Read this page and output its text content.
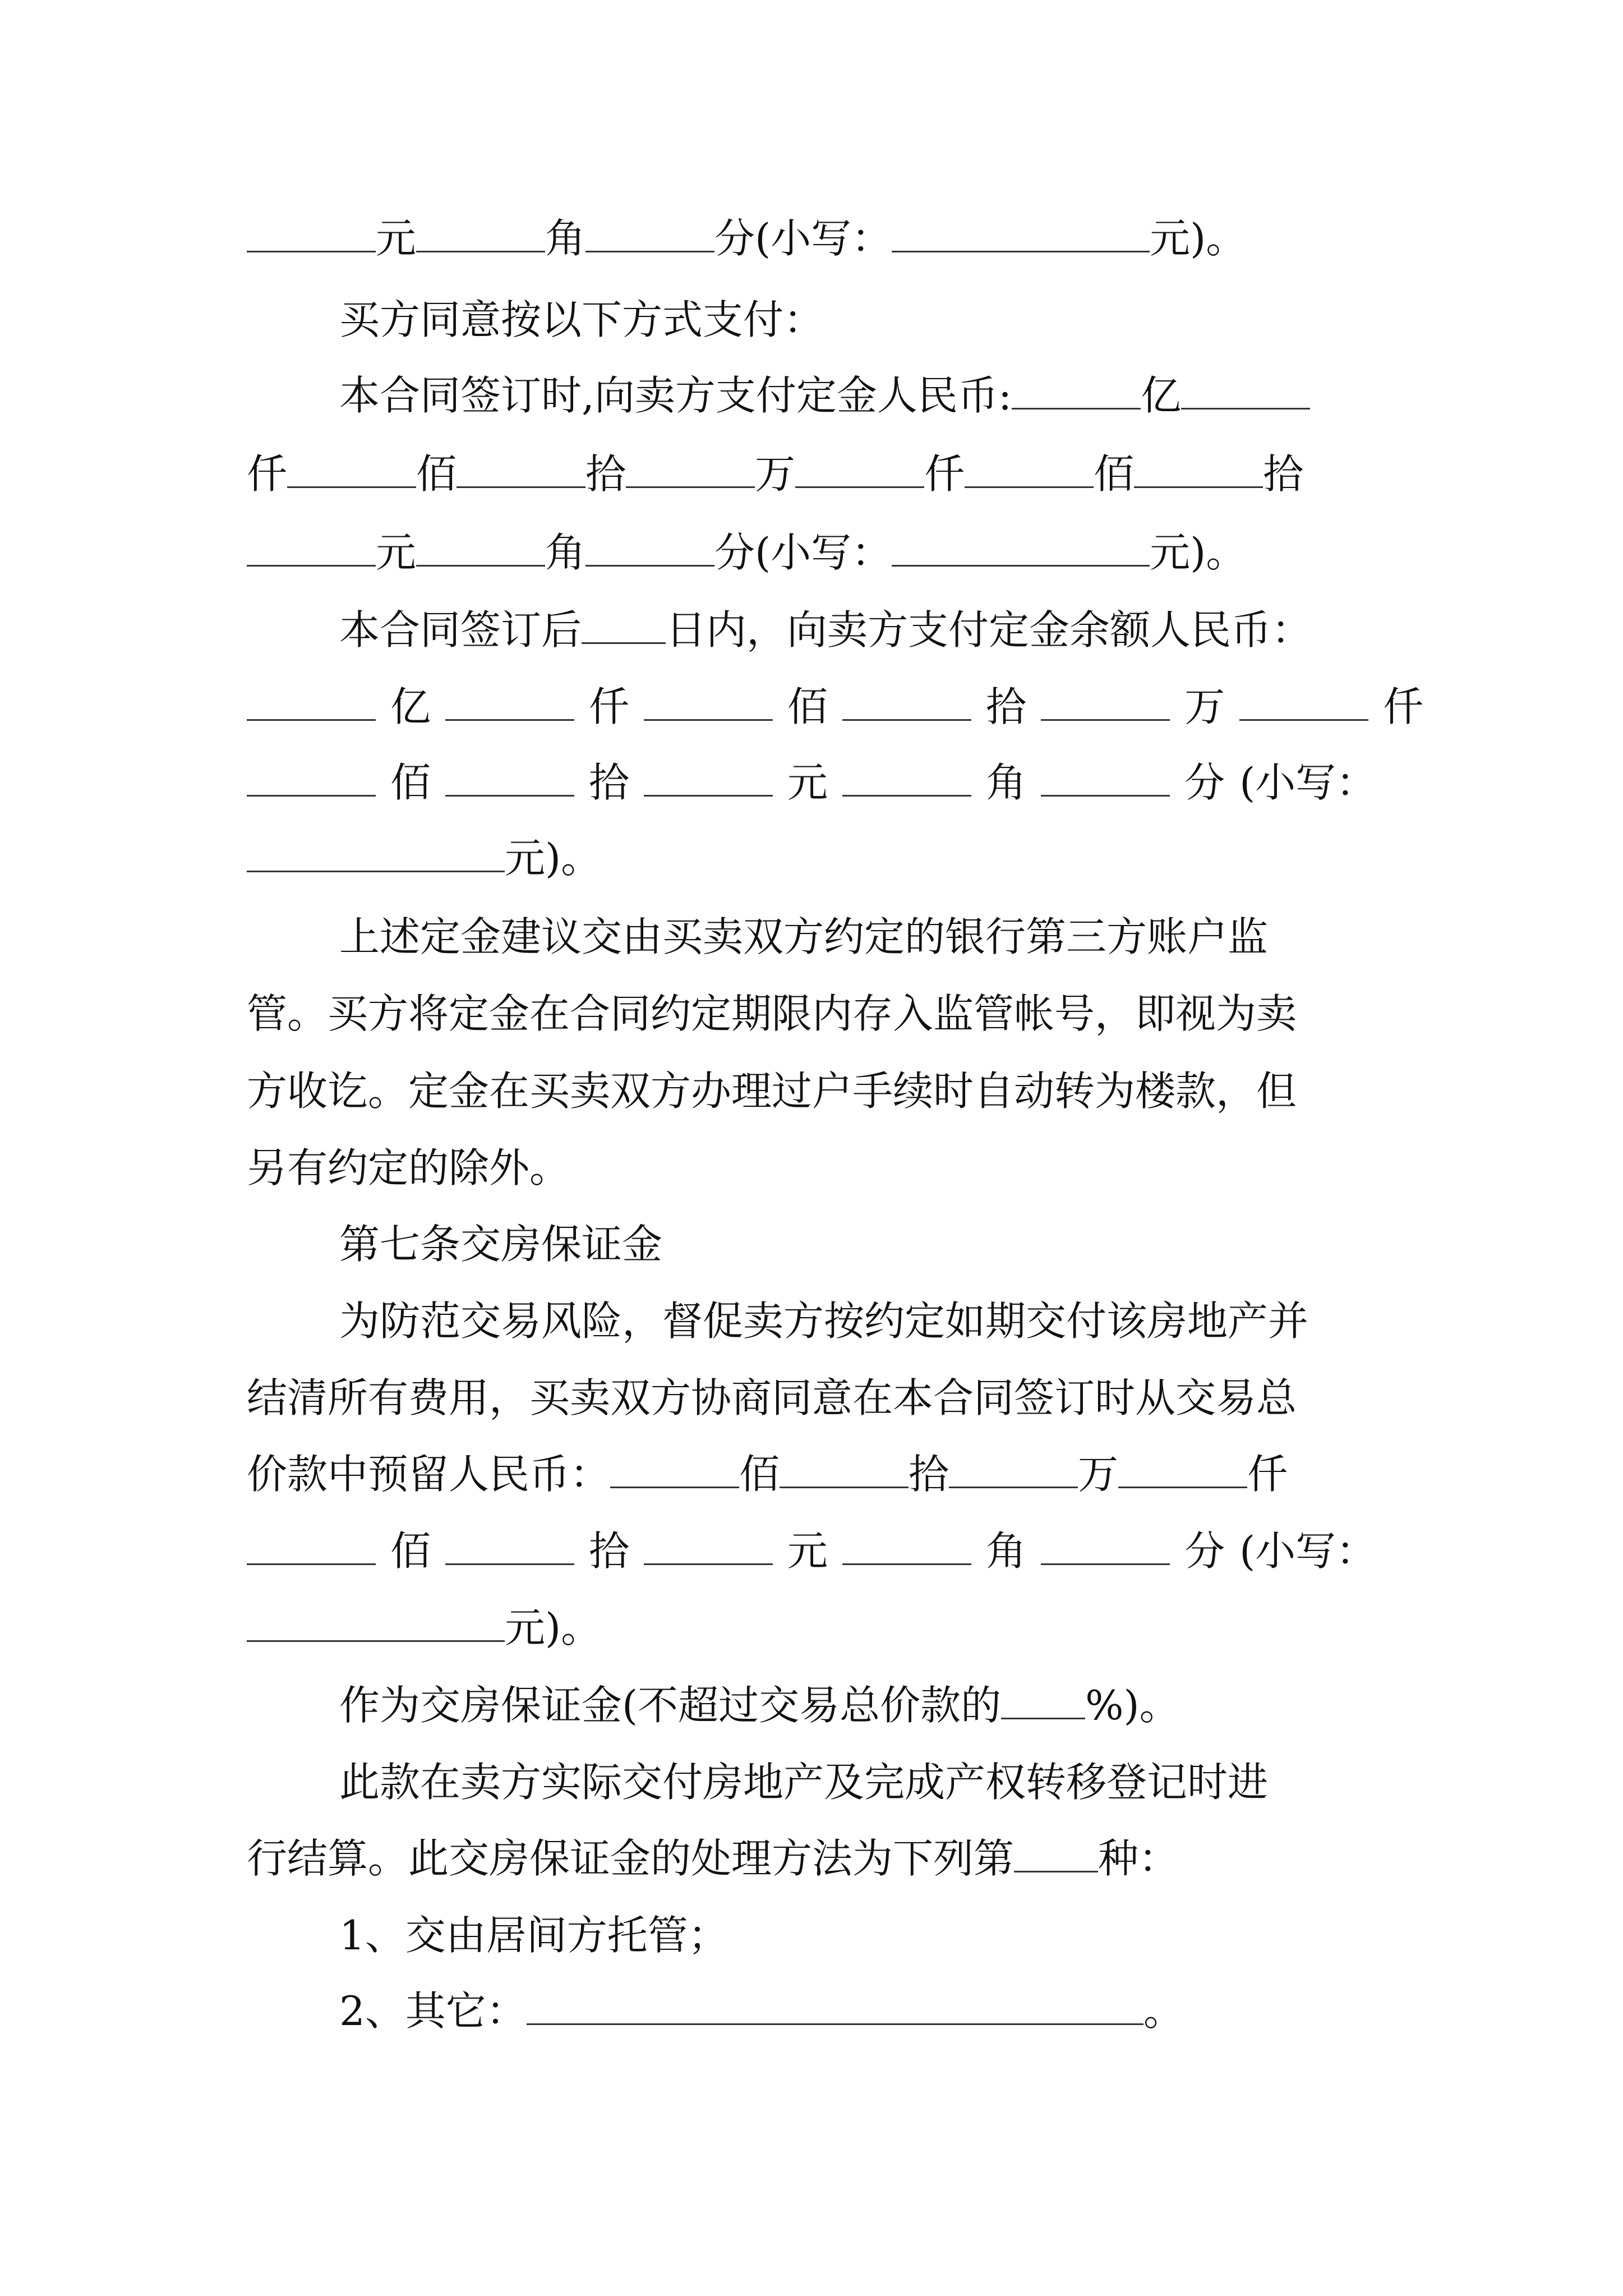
元	角	分(小写：	元)。
买方同意按以下方式支付：
本合同签订时,向卖方支付定金人民币:	亿
仟	佰	拾	万	仟	佰	拾
元	角	分(小写：	元)。
本合同签订后 日内，向卖方支付定金余额人民币：
亿	仟	佰	拾	万	仟
佰	拾	元	角	分 (小写：
元)。
上述定金建议交由买卖双方约定的银行第三方账户监
管。买方将定金在合同约定期限内存入监管帐号，即视为卖
方收讫。定金在买卖双方办理过户手续时自动转为楼款，但
另有约定的除外。
第七条交房保证金
为防范交易风险，督促卖方按约定如期交付该房地产并
结清所有费用，买卖双方协商同意在本合同签订时从交易总
价款中预留人民币：	佰	拾	万	仟
佰	拾	元	角	分 (小写：
元)。
作为交房保证金(不超过交易总价款的 %)。
此款在卖方实际交付房地产及完成产权转移登记时进
行结算。此交房保证金的处理方法为下列第 种：
1、交由居间方托管；
2、其它：	。
